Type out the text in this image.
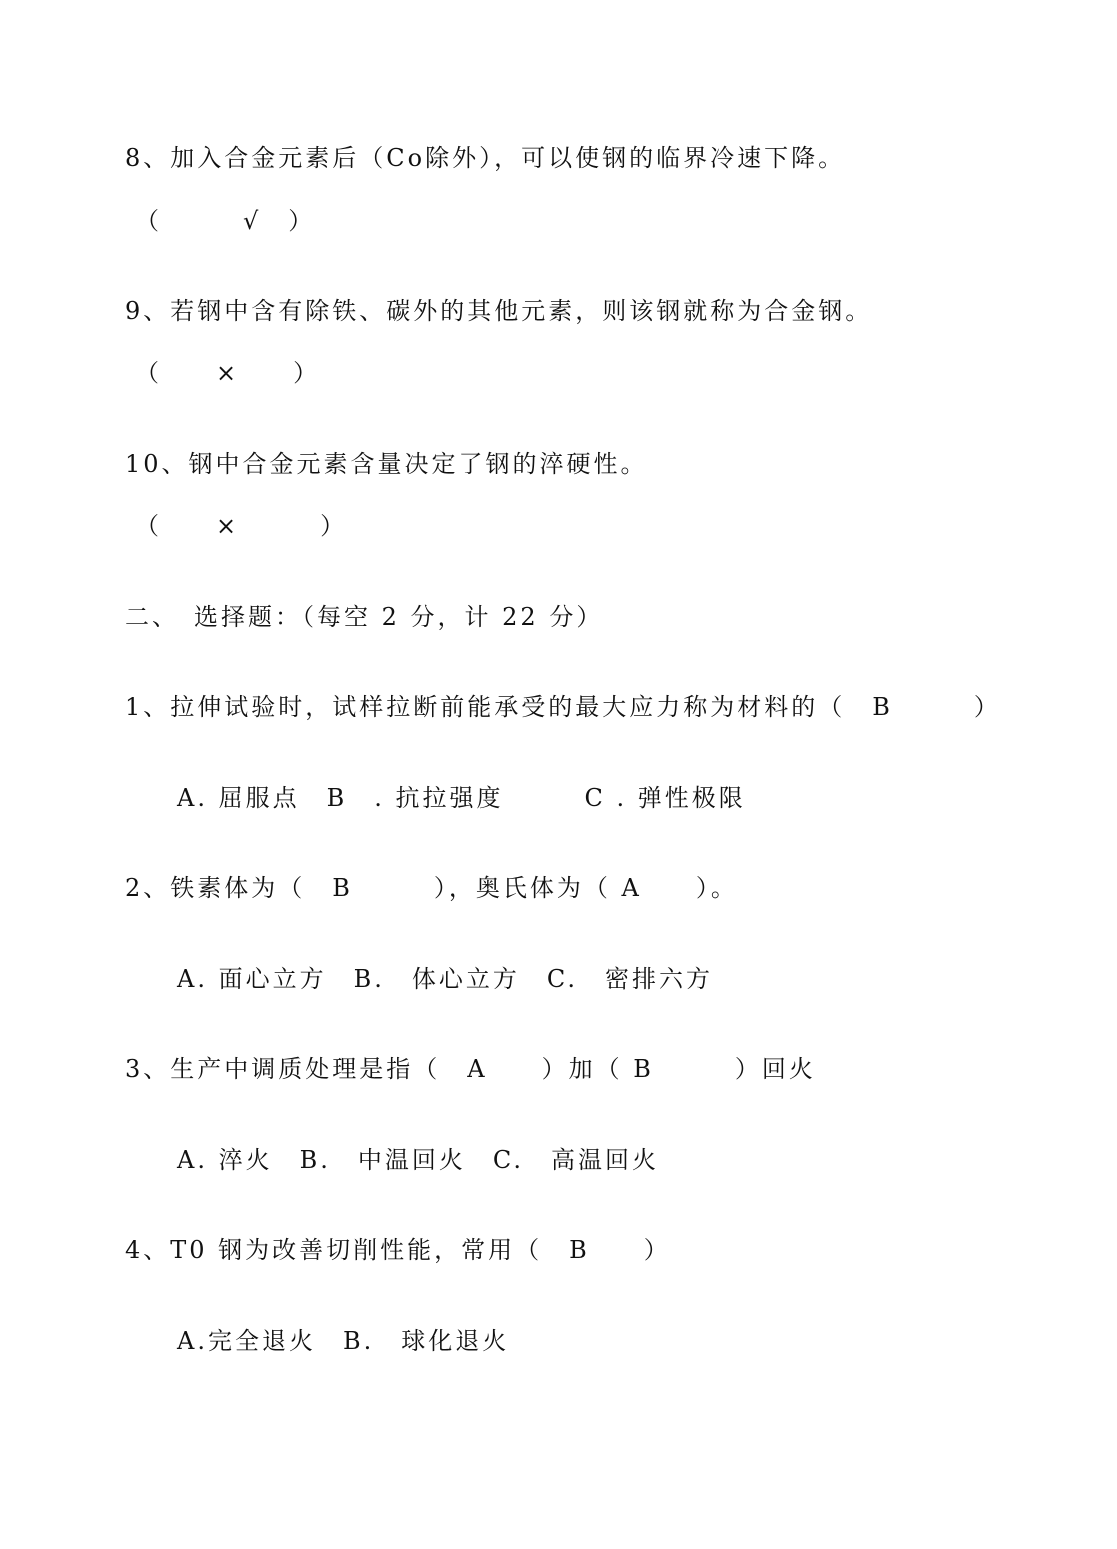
8、加入合金元素后（Co除外），可以使钢的临界冷速下降。
（　　　√　）
9、若钢中含有除铁、碳外的其他元素，则该钢就称为合金钢。
（　　×　　）
10、钢中合金元素含量决定了钢的淬硬性。
（　　×　　　）
二、　选择题：（每空 2 分，计 22 分）
1、拉伸试验时，试样拉断前能承受的最大应力称为材料的（　B　　　）
A. 屈服点　B　. 抗拉强度　　　C . 弹性极限
2、铁素体为（　B　　　），奥氏体为（ A　　）。
A. 面心立方　B.　体心立方　C.　密排六方
3、生产中调质处理是指（　A　　）加（ B　　　）回火
A. 淬火　B.　中温回火　C.　高温回火
4、T0 钢为改善切削性能，常用（　B　　）
A.完全退火　B.　球化退火
